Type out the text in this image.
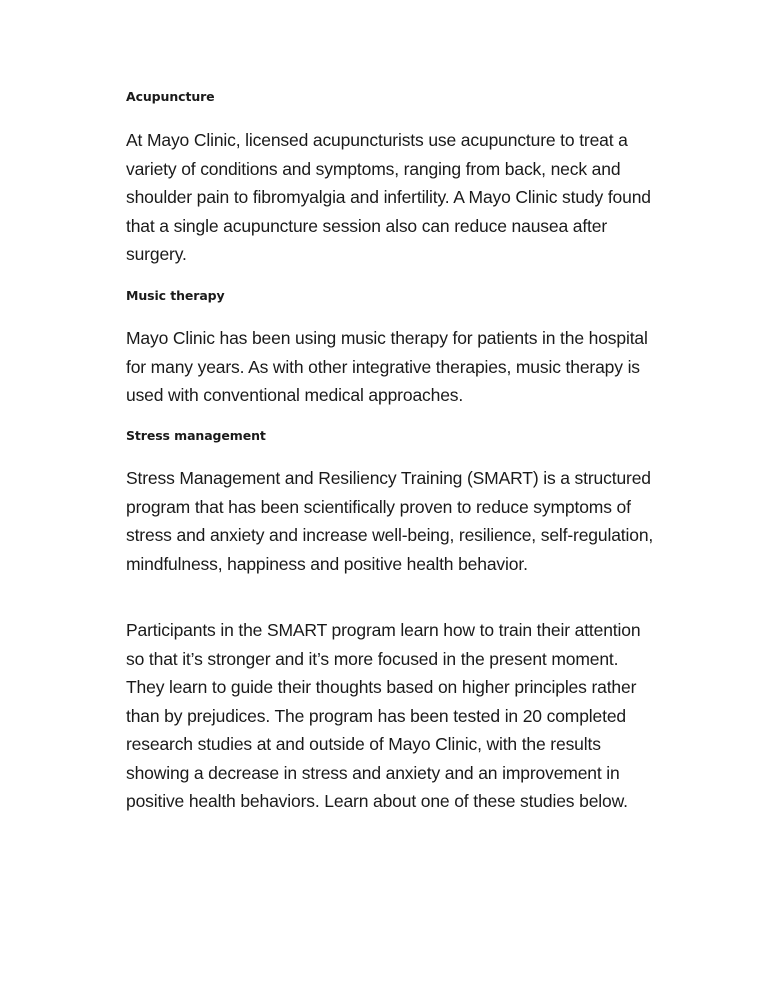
Acupuncture

At Mayo Clinic, licensed acupuncturists use acupuncture to treat a variety of conditions and symptoms, ranging from back, neck and shoulder pain to fibromyalgia and infertility. A Mayo Clinic study found that a single acupuncture session also can reduce nausea after surgery.

Music therapy

Mayo Clinic has been using music therapy for patients in the hospital for many years. As with other integrative therapies, music therapy is used with conventional medical approaches.

Stress management

Stress Management and Resiliency Training (SMART) is a structured program that has been scientifically proven to reduce symptoms of stress and anxiety and increase well-being, resilience, self-regulation, mindfulness, happiness and positive health behavior.

Participants in the SMART program learn how to train their attention so that it’s stronger and it’s more focused in the present moment. They learn to guide their thoughts based on higher principles rather than by prejudices. The program has been tested in 20 completed research studies at and outside of Mayo Clinic, with the results showing a decrease in stress and anxiety and an improvement in positive health behaviors. Learn about one of these studies below.
